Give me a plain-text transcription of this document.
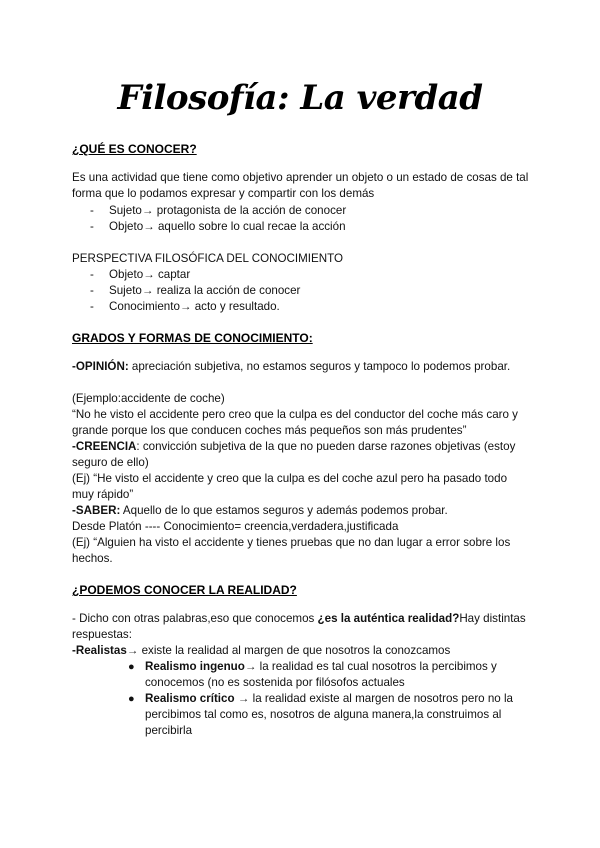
Filosofía: La verdad
¿QUÉ ES CONOCER?
Es una actividad que tiene como objetivo aprender un objeto o un estado de cosas de tal forma que lo podamos expresar y compartir con los demás
- Sujeto→ protagonista de la acción de conocer
- Objeto→ aquello sobre lo cual recae la acción
PERSPECTIVA FILOSÓFICA DEL CONOCIMIENTO
- Objeto→ captar
- Sujeto→ realiza la acción de conocer
- Conocimiento→ acto y resultado.
GRADOS Y FORMAS DE CONOCIMIENTO:
-OPINIÓN: apreciación subjetiva, no estamos seguros y tampoco lo podemos probar.
(Ejemplo:accidente de coche)
“No he visto el accidente pero creo que la culpa es del conductor del coche más caro y grande porque los que conducen coches más pequeños son más prudentes”
-CREENCIA: convicción subjetiva de la que no pueden darse razones objetivas (estoy seguro de ello)
(Ej) “He visto el accidente y creo que la culpa es del coche azul pero ha pasado todo muy rápido”
-SABER: Aquello de lo que estamos seguros y además podemos probar.
Desde Platón ---- Conocimiento= creencia,verdadera,justificada
(Ej) “Alguien ha visto el accidente y tienes pruebas que no dan lugar a error sobre los hechos.
¿PODEMOS CONOCER LA REALIDAD?
- Dicho con otras palabras,eso que conocemos ¿es la auténtica realidad?Hay distintas respuestas:
-Realistas→ existe la realidad al margen de que nosotros la conozcamos
● Realismo ingenuo→ la realidad es tal cual nosotros la percibimos y conocemos (no es sostenida por filósofos actuales
● Realismo crítico → la realidad existe al margen de nosotros pero no la percibimos tal como es, nosotros de alguna manera,la construimos al percibirla
